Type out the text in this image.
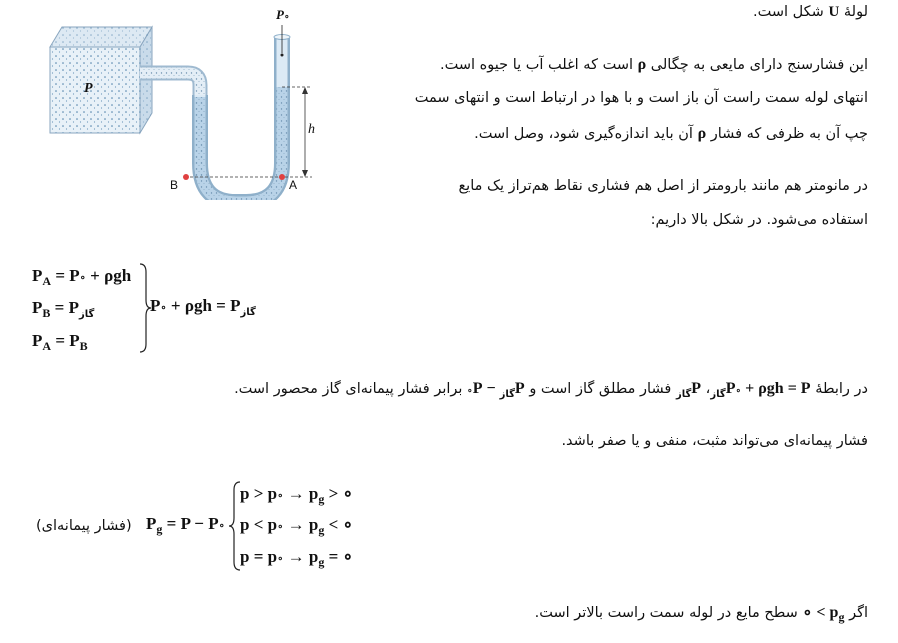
P∘
P
h
B	A
لولهٔ U شکل است.
این فشارسنج دارای مایعی به چگالی ρ است که اغلب آب یا جیوه است.
انتهای لوله سمت راست آن باز است و با هوا در ارتباط است و انتهای سمت
چپ آن به ظرفی که فشار ρ آن باید اندازه‌گیری شود، وصل است.
در مانومتر هم مانند بارومتر از اصل هم فشاری نقاط هم‌تراز یک مایع
استفاده می‌شود. در شکل بالا داریم:
$P_A$ = P∘ + ρgh
$P_B = P_{گاز}$
$P_A = P_B$
P∘ + $\rho gh = P_{گاز}$
در رابطهٔ P∘ + $\rho gh = P_{گاز}،$ $P_{گاز}$ فشار مطلق گاز است و $P_{گاز}$ − P∘ برابر فشار پیمانه‌ای گاز محصور است.
فشار پیمانه‌ای می‌تواند مثبت، منفی و یا صفر باشد.
(فشار پیمانه‌ای) $P_g = P$ − P∘
p > p∘ → $p_g$ > ∘
p < p∘ → $p_g$ < ∘
p = p∘ → $p_g$ = ∘
اگر $p_g$ > ∘ سطح مایع در لوله سمت راست بالاتر است.
